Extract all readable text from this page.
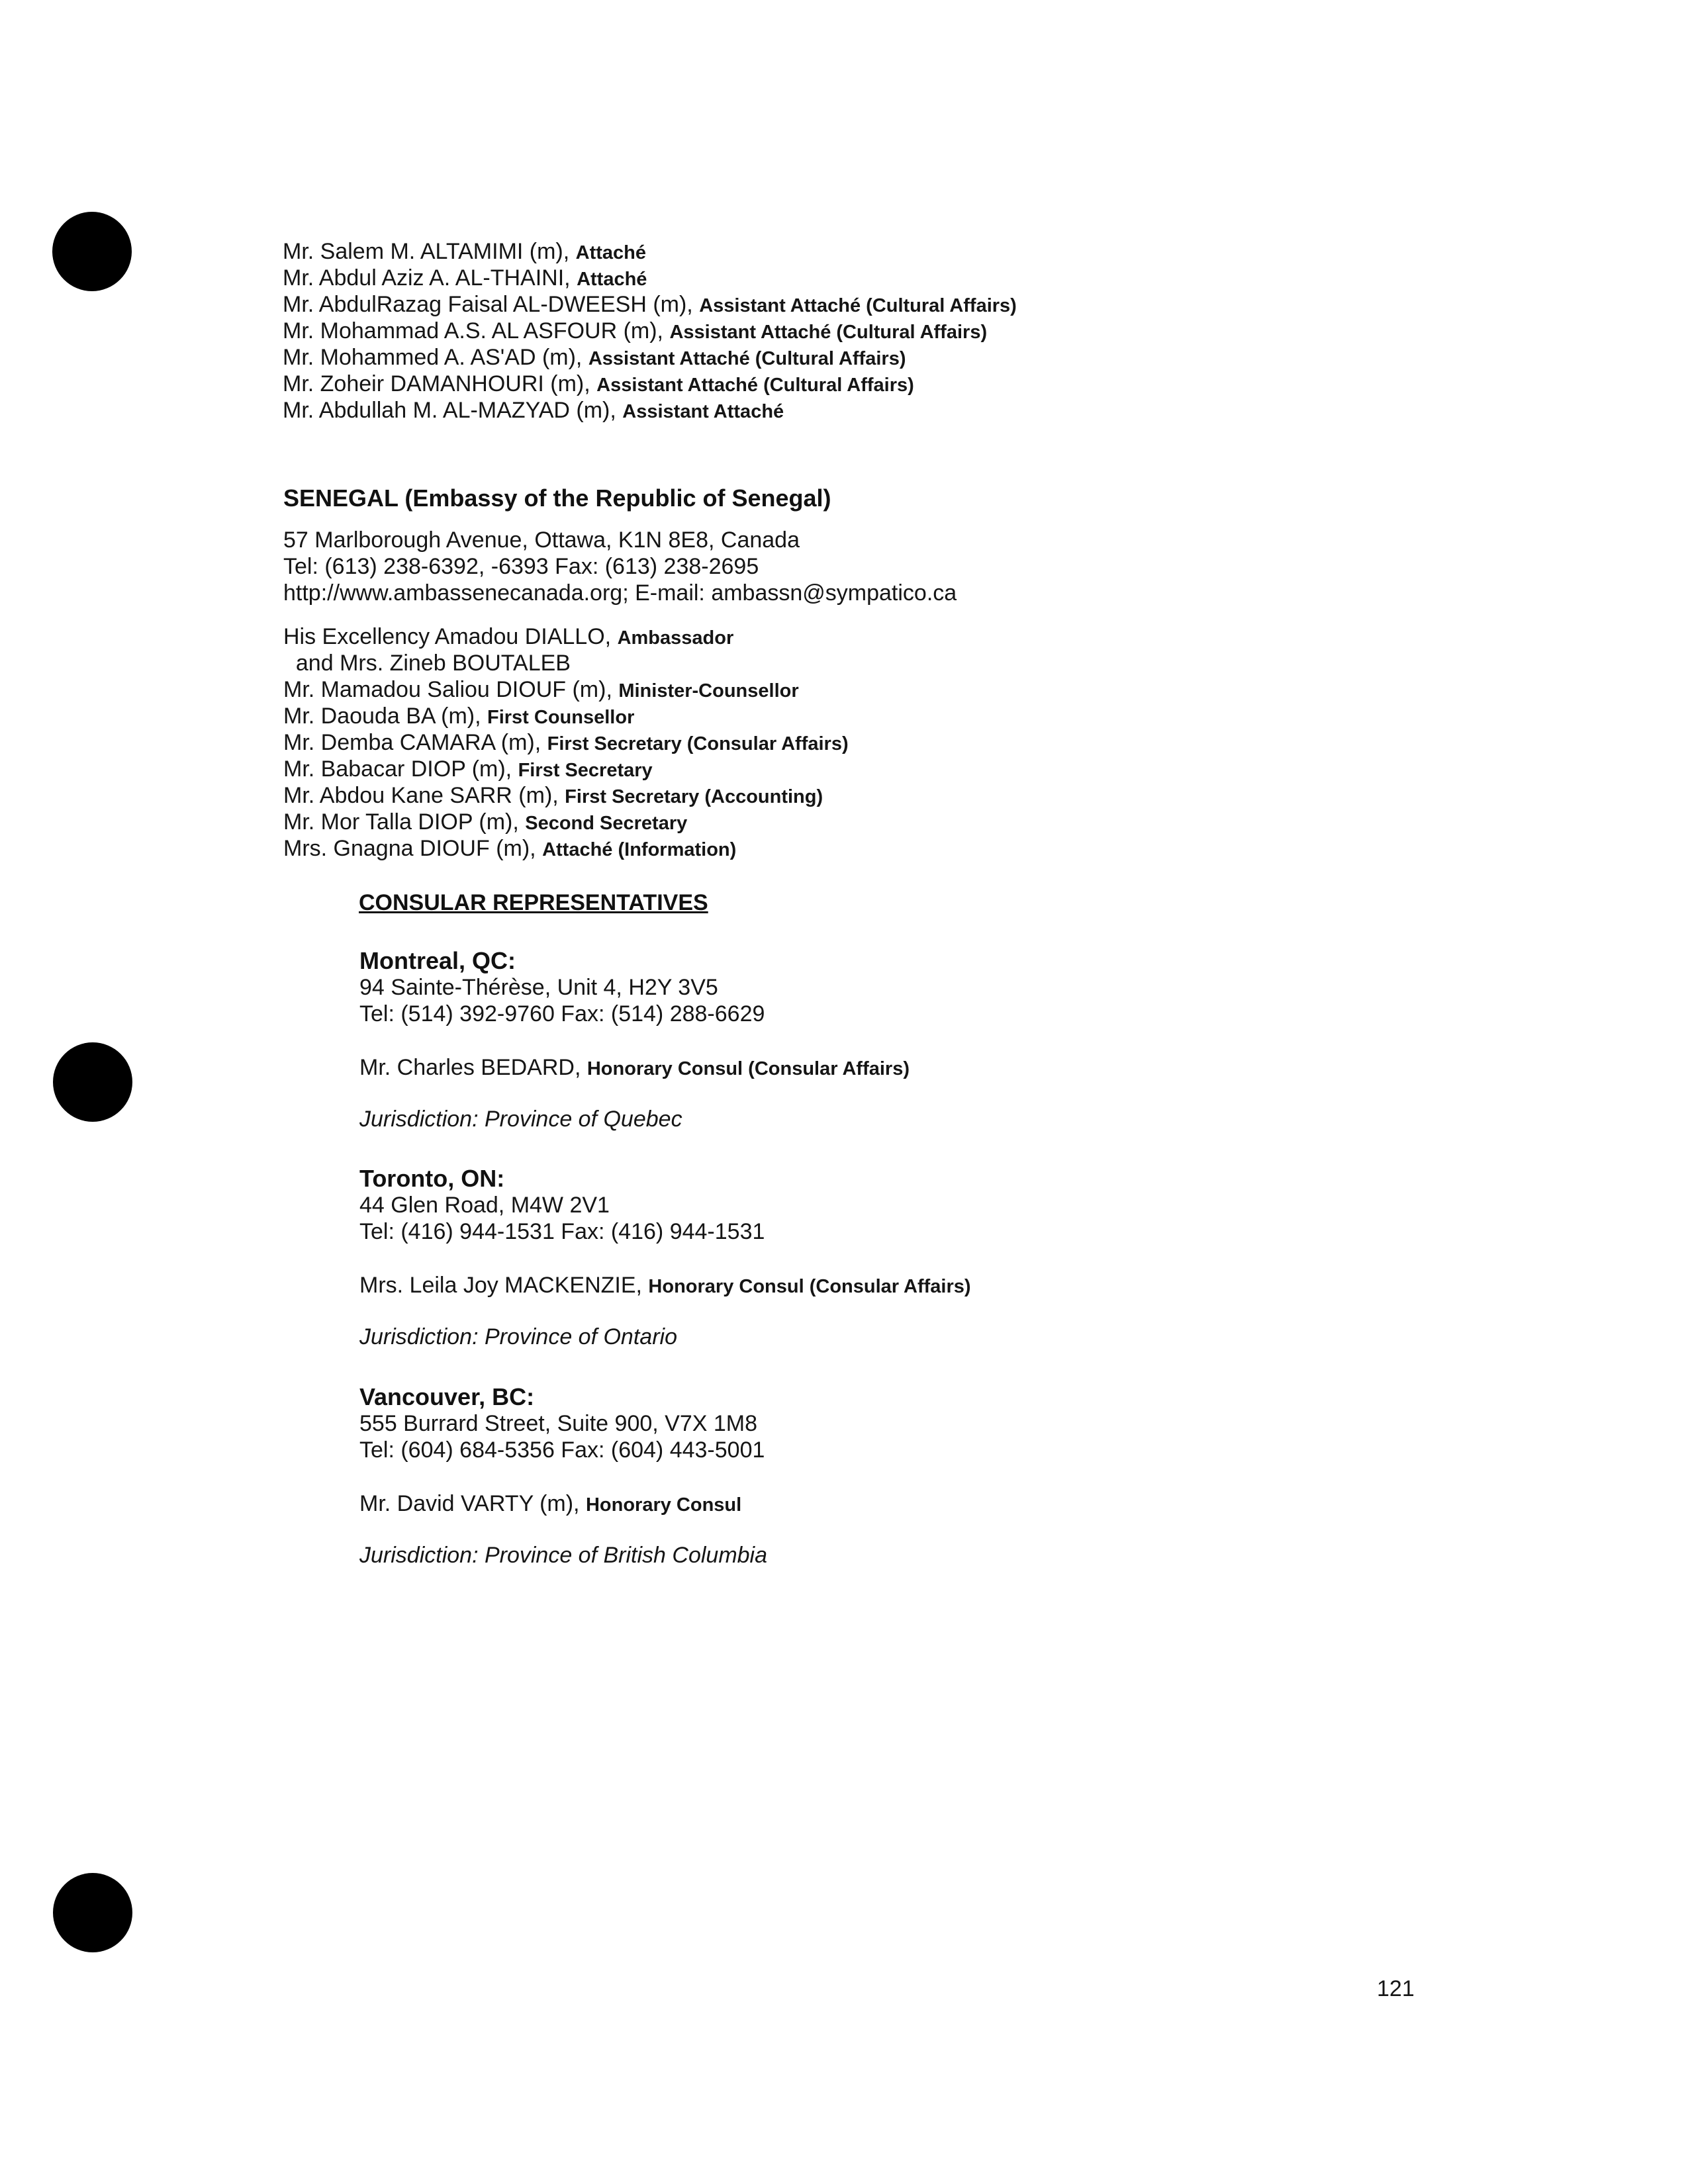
Mr. Salem M. ALTAMIMI (m), Attaché
Mr. Abdul Aziz A. AL-THAINI, Attaché
Mr. AbdulRazag Faisal AL-DWEESH (m), Assistant Attaché (Cultural Affairs)
Mr. Mohammad A.S. AL ASFOUR (m), Assistant Attaché (Cultural Affairs)
Mr. Mohammed A. AS'AD (m), Assistant Attaché (Cultural Affairs)
Mr. Zoheir DAMANHOURI (m), Assistant Attaché (Cultural Affairs)
Mr. Abdullah M. AL-MAZYAD (m), Assistant Attaché
SENEGAL (Embassy of the Republic of Senegal)
57 Marlborough Avenue, Ottawa, K1N 8E8, Canada
Tel: (613) 238-6392, -6393 Fax: (613) 238-2695
http://www.ambassenecanada.org; E-mail: ambassn@sympatico.ca
His Excellency Amadou DIALLO, Ambassador
and Mrs. Zineb BOUTALEB
Mr. Mamadou Saliou DIOUF (m), Minister-Counsellor
Mr. Daouda BA (m), First Counsellor
Mr. Demba CAMARA (m), First Secretary (Consular Affairs)
Mr. Babacar DIOP (m), First Secretary
Mr. Abdou Kane SARR (m), First Secretary (Accounting)
Mr. Mor Talla DIOP (m), Second Secretary
Mrs. Gnagna DIOUF (m), Attaché (Information)
CONSULAR REPRESENTATIVES
Montreal, QC:
94 Sainte-Thérèse, Unit 4, H2Y 3V5
Tel: (514) 392-9760 Fax: (514) 288-6629
Mr. Charles BEDARD, Honorary Consul (Consular Affairs)
Jurisdiction: Province of Quebec
Toronto, ON:
44 Glen Road, M4W 2V1
Tel: (416) 944-1531 Fax: (416) 944-1531
Mrs. Leila Joy MACKENZIE, Honorary Consul (Consular Affairs)
Jurisdiction: Province of Ontario
Vancouver, BC:
555 Burrard Street, Suite 900, V7X 1M8
Tel: (604) 684-5356 Fax: (604) 443-5001
Mr. David VARTY (m), Honorary Consul
Jurisdiction: Province of British Columbia
121
